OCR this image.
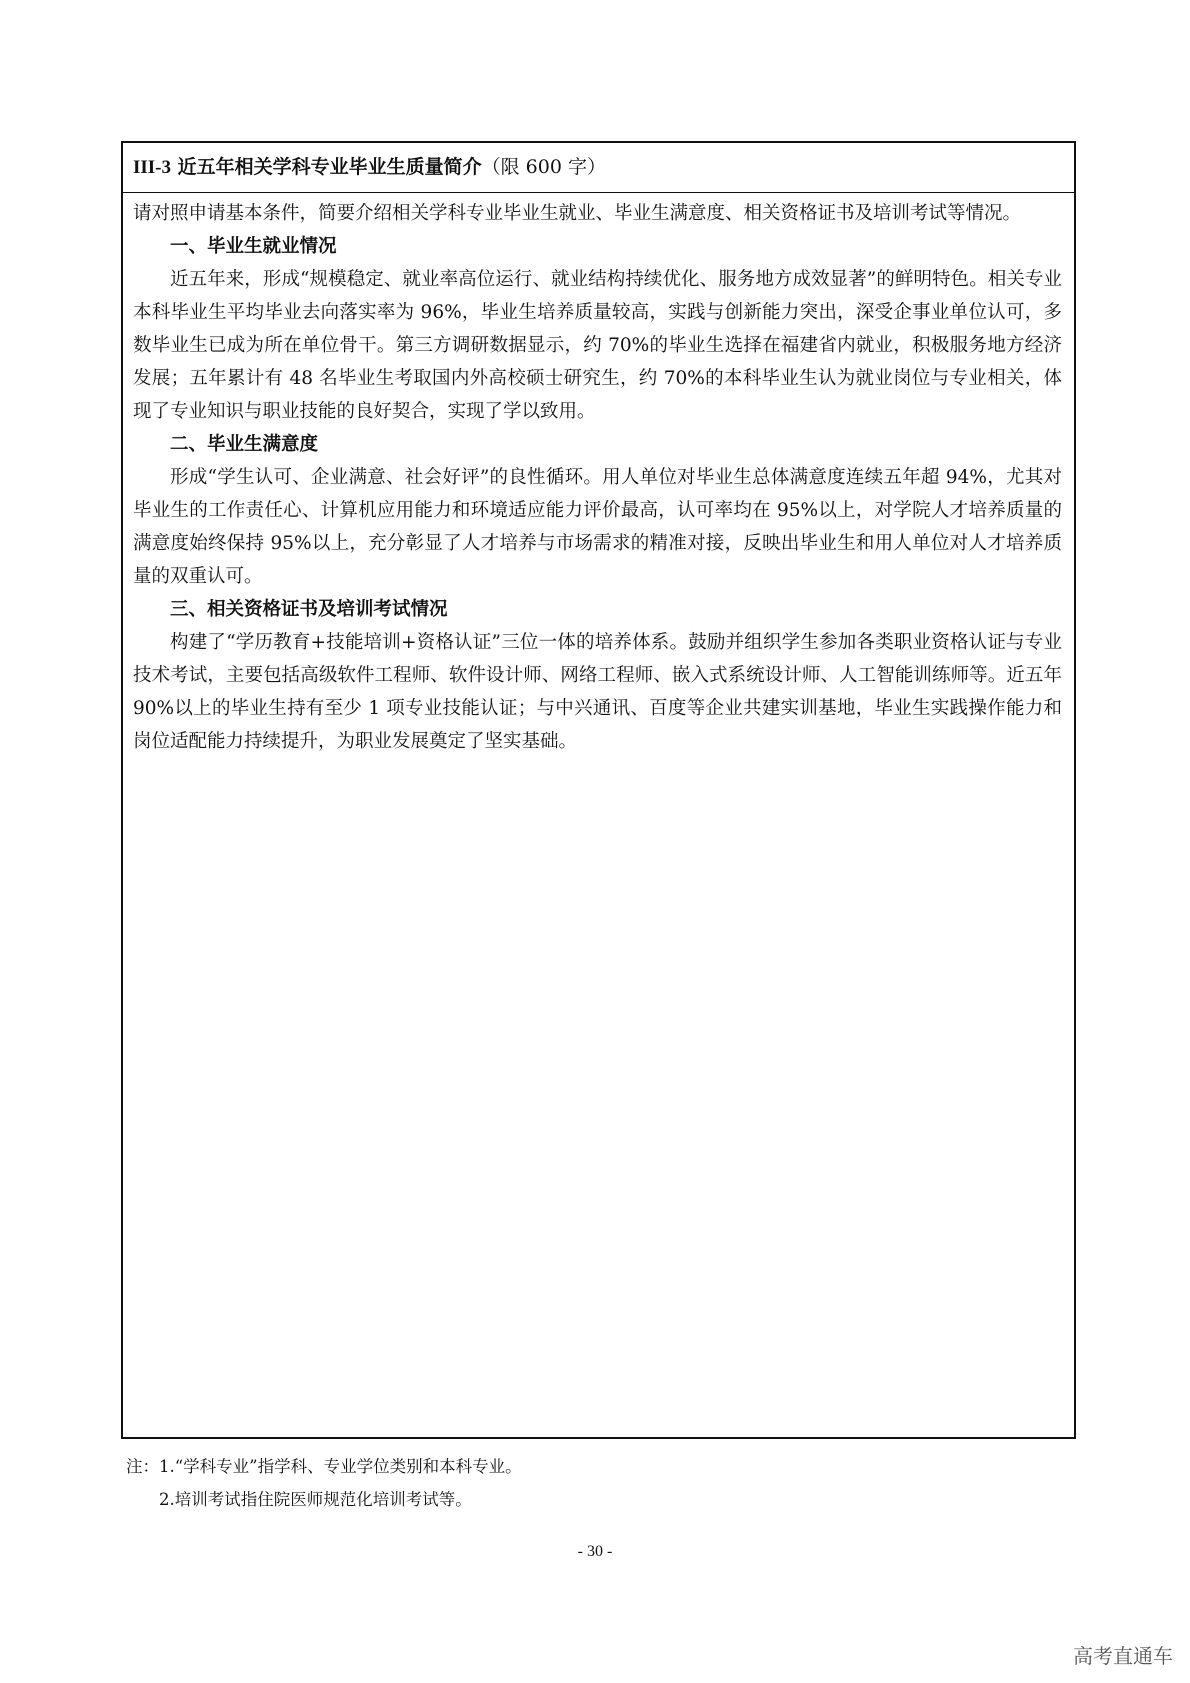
III-3 近五年相关学科专业毕业生质量简介（限 600 字）

请对照申请基本条件，简要介绍相关学科专业毕业生就业、毕业生满意度、相关资格证书及培训考试等情况。

一、毕业生就业情况

近五年来，形成“规模稳定、就业率高位运行、就业结构持续优化、服务地方成效显著”的鲜明特色。相关专业本科毕业生平均毕业去向落实率为 96%，毕业生培养质量较高，实践与创新能力突出，深受企事业单位认可，多数毕业生已成为所在单位骨干。第三方调研数据显示，约 70%的毕业生选择在福建省内就业，积极服务地方经济发展；五年累计有 48 名毕业生考取国内外高校硕士研究生，约 70%的本科毕业生认为就业岗位与专业相关，体现了专业知识与职业技能的良好契合，实现了学以致用。

二、毕业生满意度

形成“学生认可、企业满意、社会好评”的良性循环。用人单位对毕业生总体满意度连续五年超 94%，尤其对毕业生的工作责任心、计算机应用能力和环境适应能力评价最高，认可率均在 95%以上，对学院人才培养质量的满意度始终保持 95%以上，充分彰显了人才培养与市场需求的精准对接，反映出毕业生和用人单位对人才培养质量的双重认可。

三、相关资格证书及培训考试情况

构建了“学历教育+技能培训+资格认证”三位一体的培养体系。鼓励并组织学生参加各类职业资格认证与专业技术考试，主要包括高级软件工程师、软件设计师、网络工程师、嵌入式系统设计师、人工智能训练师等。近五年 90%以上的毕业生持有至少 1 项专业技能认证；与中兴通讯、百度等企业共建实训基地，毕业生实践操作能力和岗位适配能力持续提升，为职业发展奠定了坚实基础。

注：1.“学科专业”指学科、专业学位类别和本科专业。
2.培训考试指住院医师规范化培训考试等。
- 30 -
高考直通车
